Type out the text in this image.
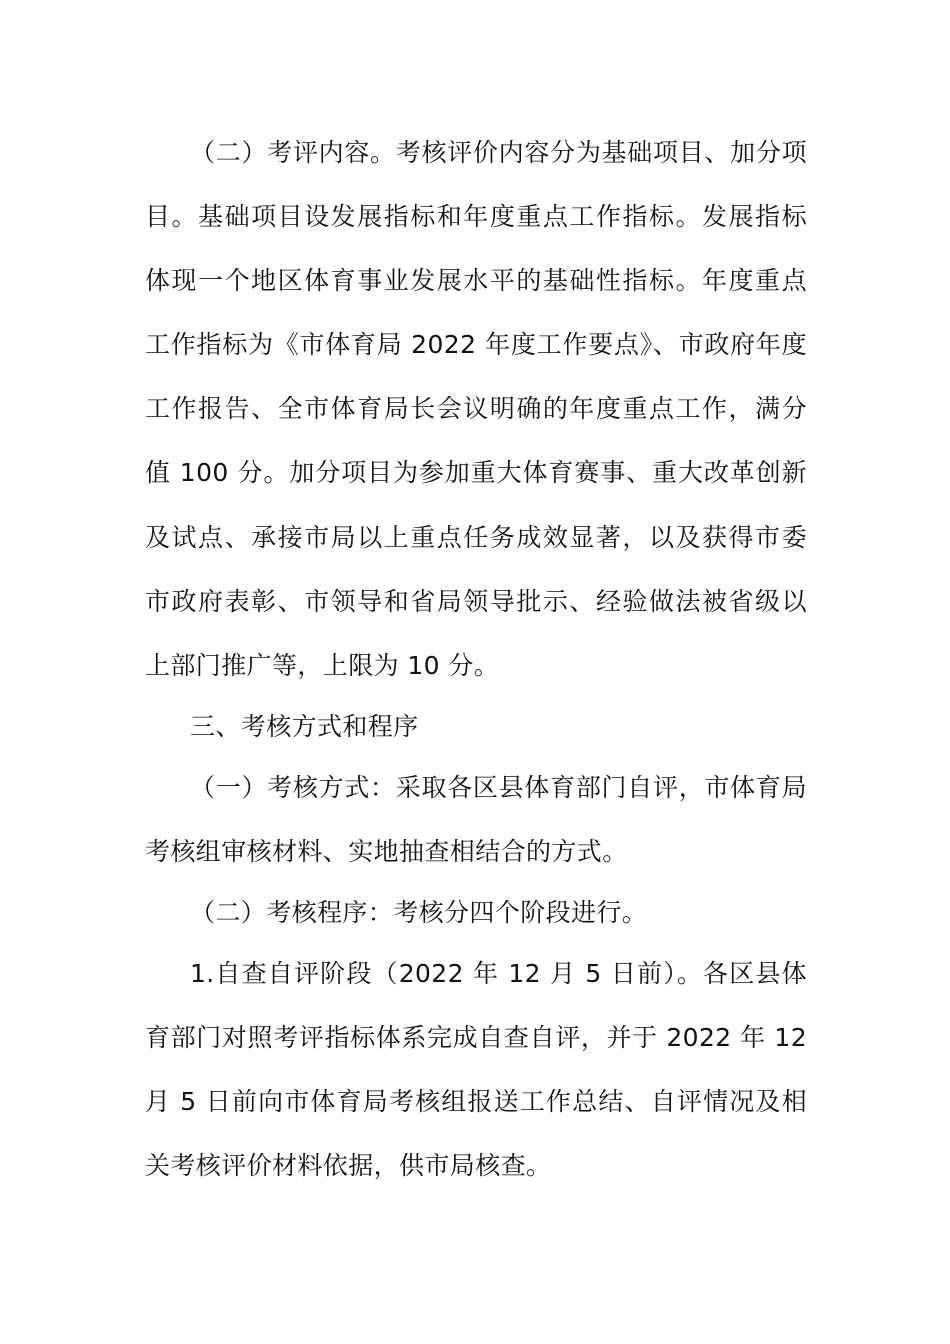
（二）考评内容。考核评价内容分为基础项目、加分项
目。基础项目设发展指标和年度重点工作指标。发展指标
体现一个地区体育事业发展水平的基础性指标。年度重点
工作指标为《市体育局 2022 年度工作要点》、市政府年度
工作报告、全市体育局长会议明确的年度重点工作，满分
值 100 分。加分项目为参加重大体育赛事、重大改革创新
及试点、承接市局以上重点任务成效显著，以及获得市委
市政府表彰、市领导和省局领导批示、经验做法被省级以
上部门推广等，上限为 10 分。
三、考核方式和程序
（一）考核方式：采取各区县体育部门自评，市体育局
考核组审核材料、实地抽查相结合的方式。
（二）考核程序：考核分四个阶段进行。
1.自查自评阶段（2022 年 12 月 5 日前）。各区县体
育部门对照考评指标体系完成自查自评，并于 2022 年 12
月 5 日前向市体育局考核组报送工作总结、自评情况及相
关考核评价材料依据，供市局核查。
